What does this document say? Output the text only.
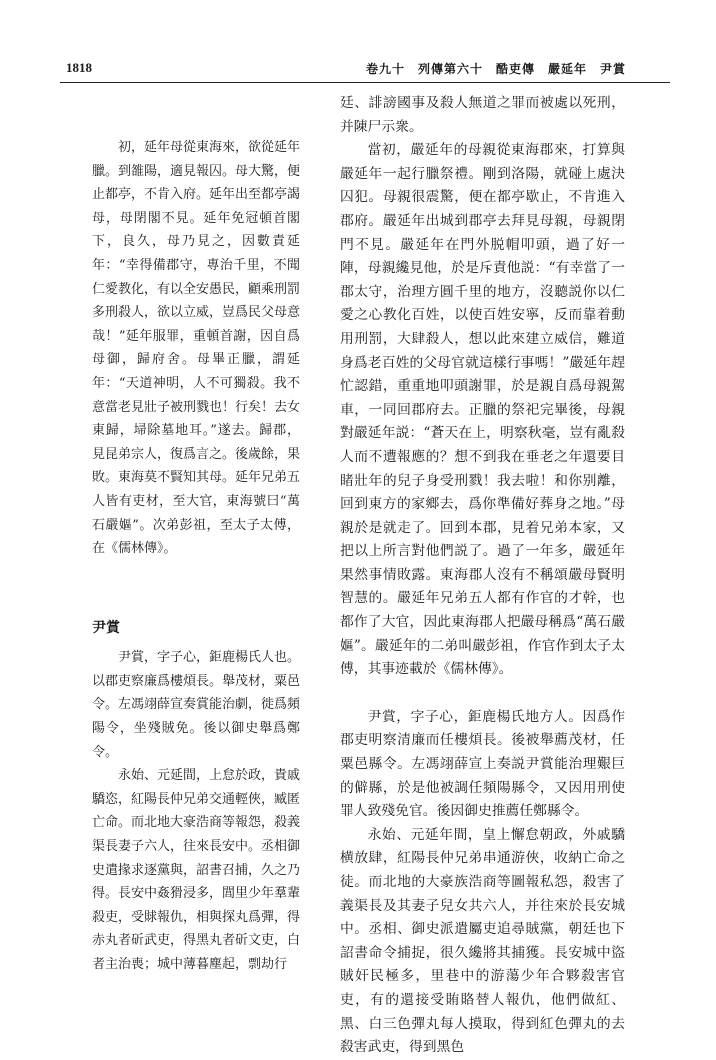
1818	卷九十　列傳第六十　酷吏傳　嚴延年　尹賞

初，延年母從東海來，欲從延年臘。到雒陽，適見報囚。母大驚，便止都亭，不肯入府。延年出至都亭謁母，母閉閣不見。延年免冠頓首閣下，良久，母乃見之，因數責延年：“幸得備郡守，專治千里，不聞仁愛教化，有以全安愚民，顧乘刑罰多刑殺人，欲以立威，豈爲民父母意哉！”延年服罪，重頓首謝，因自爲母御，歸府舍。母畢正臘，謂延年：“天道神明，人不可獨殺。我不意當老見壯子被刑戮也！行矣！去女東歸，埽除墓地耳。”遂去。歸郡，見昆弟宗人，復爲言之。後歲餘，果敗。東海莫不賢知其母。延年兄弟五人皆有吏材，至大官，東海號曰“萬石嚴嫗”。次弟彭祖，至太子太傅，在《儒林傳》。

尹賞

尹賞，字子心，鉅鹿楊氏人也。以郡吏察廉爲樓煩長。舉茂材，粟邑令。左馮翊薛宣奏賞能治劇，徙爲頻陽令，坐殘賊免。後以御史舉爲鄭令。

永始、元延間，上怠於政，貴戚驕恣，紅陽長仲兄弟交通輕俠，臧匿亡命。而北地大豪浩商等報怨，殺義渠長妻子六人，往來長安中。丞相御史遣掾求逐黨與，詔書召捕，久之乃得。長安中姦猾浸多，閭里少年羣輩殺吏，受賕報仇，相與探丸爲彈，得赤丸者斫武吏，得黑丸者斫文吏，白者主治喪；城中薄暮塵起，剽劫行

廷、誹謗國事及殺人無道之罪而被處以死刑，并陳尸示衆。

當初，嚴延年的母親從東海郡來，打算與嚴延年一起行臘祭禮。剛到洛陽，就碰上處決囚犯。母親很震驚，便在都亭歇止，不肯進入郡府。嚴延年出城到郡亭去拜見母親，母親閉門不見。嚴延年在門外脱帽叩頭，過了好一陣，母親纔見他，於是斥責他説：“有幸當了一郡太守，治理方圓千里的地方，沒聽説你以仁愛之心教化百姓，以使百姓安寧，反而靠着動用刑罰，大肆殺人，想以此來建立威信，難道身爲老百姓的父母官就這樣行事嗎！”嚴延年趕忙認錯，重重地叩頭謝罪，於是親自爲母親駕車，一同回郡府去。正臘的祭祀完畢後，母親對嚴延年説：“蒼天在上，明察秋毫，豈有亂殺人而不遭報應的？想不到我在垂老之年還要目睹壯年的兒子身受刑戮！我去啦！和你别離，回到東方的家鄉去，爲你準備好葬身之地。”母親於是就走了。回到本郡，見着兄弟本家，又把以上所言對他們説了。過了一年多，嚴延年果然事情敗露。東海郡人沒有不稱頌嚴母賢明智慧的。嚴延年兄弟五人都有作官的才幹，也都作了大官，因此東海郡人把嚴母稱爲“萬石嚴嫗”。嚴延年的二弟叫嚴彭祖，作官作到太子太傅，其事迹載於《儒林傳》。

尹賞，字子心，鉅鹿楊氏地方人。因爲作郡吏明察清廉而任樓煩長。後被舉薦茂材，任粟邑縣令。左馮翊薛宣上奏説尹賞能治理艱巨的僻縣，於是他被調任頻陽縣令，又因用刑使罪人致殘免官。後因御史推薦任鄭縣令。

永始、元延年間，皇上懈怠朝政，外戚驕横放肆，紅陽長仲兄弟串通游俠，收納亡命之徒。而北地的大豪族浩商等圖報私怨，殺害了義渠長及其妻子兒女共六人，并往來於長安城中。丞相、御史派遣屬吏追尋賊黨，朝廷也下詔書命令捕捉，很久纔將其捕獲。長安城中盜賊奸民極多，里巷中的游蕩少年合夥殺害官吏，有的還接受賄賂替人報仇，他們做紅、黑、白三色彈丸每人摸取，得到紅色彈丸的去殺害武吏，得到黑色
